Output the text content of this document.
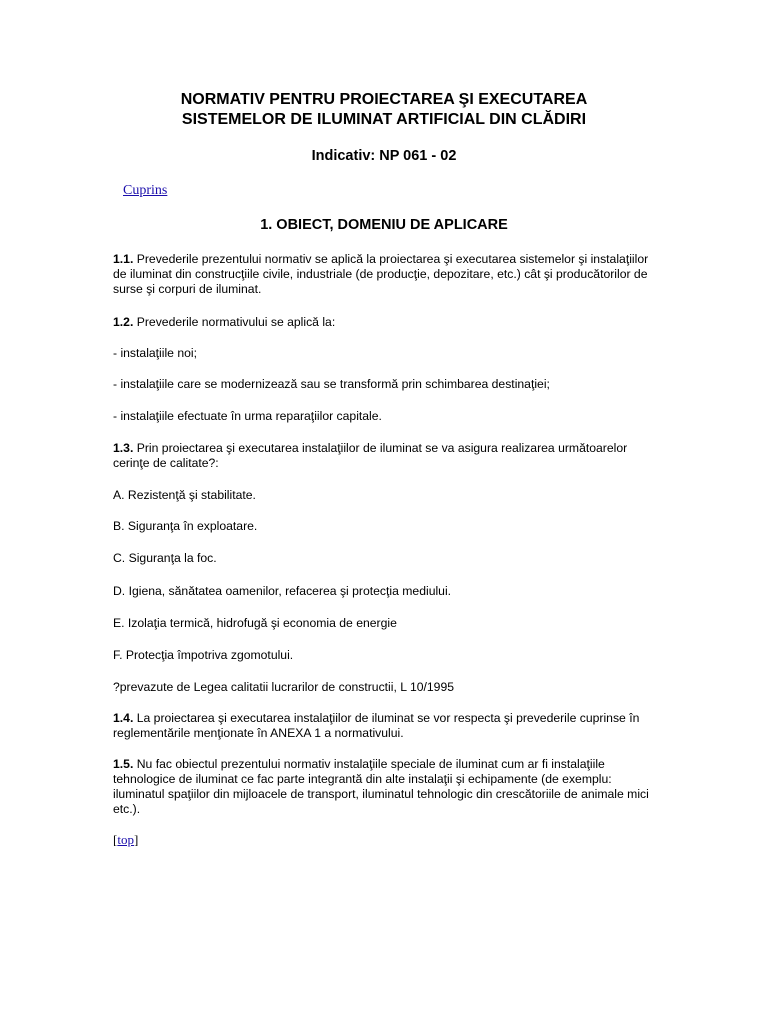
NORMATIV PENTRU PROIECTAREA ŞI EXECUTAREA
SISTEMELOR DE ILUMINAT ARTIFICIAL DIN CLĂDIRI
Indicativ: NP 061 - 02
Cuprins
1. OBIECT, DOMENIU DE APLICARE
1.1. Prevederile prezentului normativ se aplică la proiectarea şi executarea sistemelor şi instalaţiilor de iluminat din construcţiile civile, industriale (de producţie, depozitare, etc.) cât şi producătorilor de surse şi corpuri de iluminat.
1.2. Prevederile normativului se aplică la:
- instalaţiile noi;
- instalaţiile care se modernizează sau se transformă prin schimbarea destinaţiei;
- instalaţiile efectuate în urma reparaţiilor capitale.
1.3. Prin proiectarea şi executarea instalaţiilor de iluminat se va asigura realizarea următoarelor cerinţe de calitate?:
A. Rezistenţă şi stabilitate.
B. Siguranţa în exploatare.
C. Siguranţa la foc.
D. Igiena, sănătatea oamenilor, refacerea şi protecţia mediului.
E. Izolaţia termică, hidrofugă şi economia de energie
F. Protecţia împotriva zgomotului.
?prevazute de Legea calitatii lucrarilor de constructii, L 10/1995
1.4. La proiectarea şi executarea instalaţiilor de iluminat se vor respecta şi prevederile cuprinse în reglementările menţionate în ANEXA 1 a normativului.
1.5. Nu fac obiectul prezentului normativ instalaţiile speciale de iluminat cum ar fi instalaţiile tehnologice de iluminat ce fac parte integrantă din alte instalaţii şi echipamente (de exemplu: iluminatul spaţiilor din mijloacele de transport, iluminatul tehnologic din crescătoriile de animale mici etc.).
[top]
